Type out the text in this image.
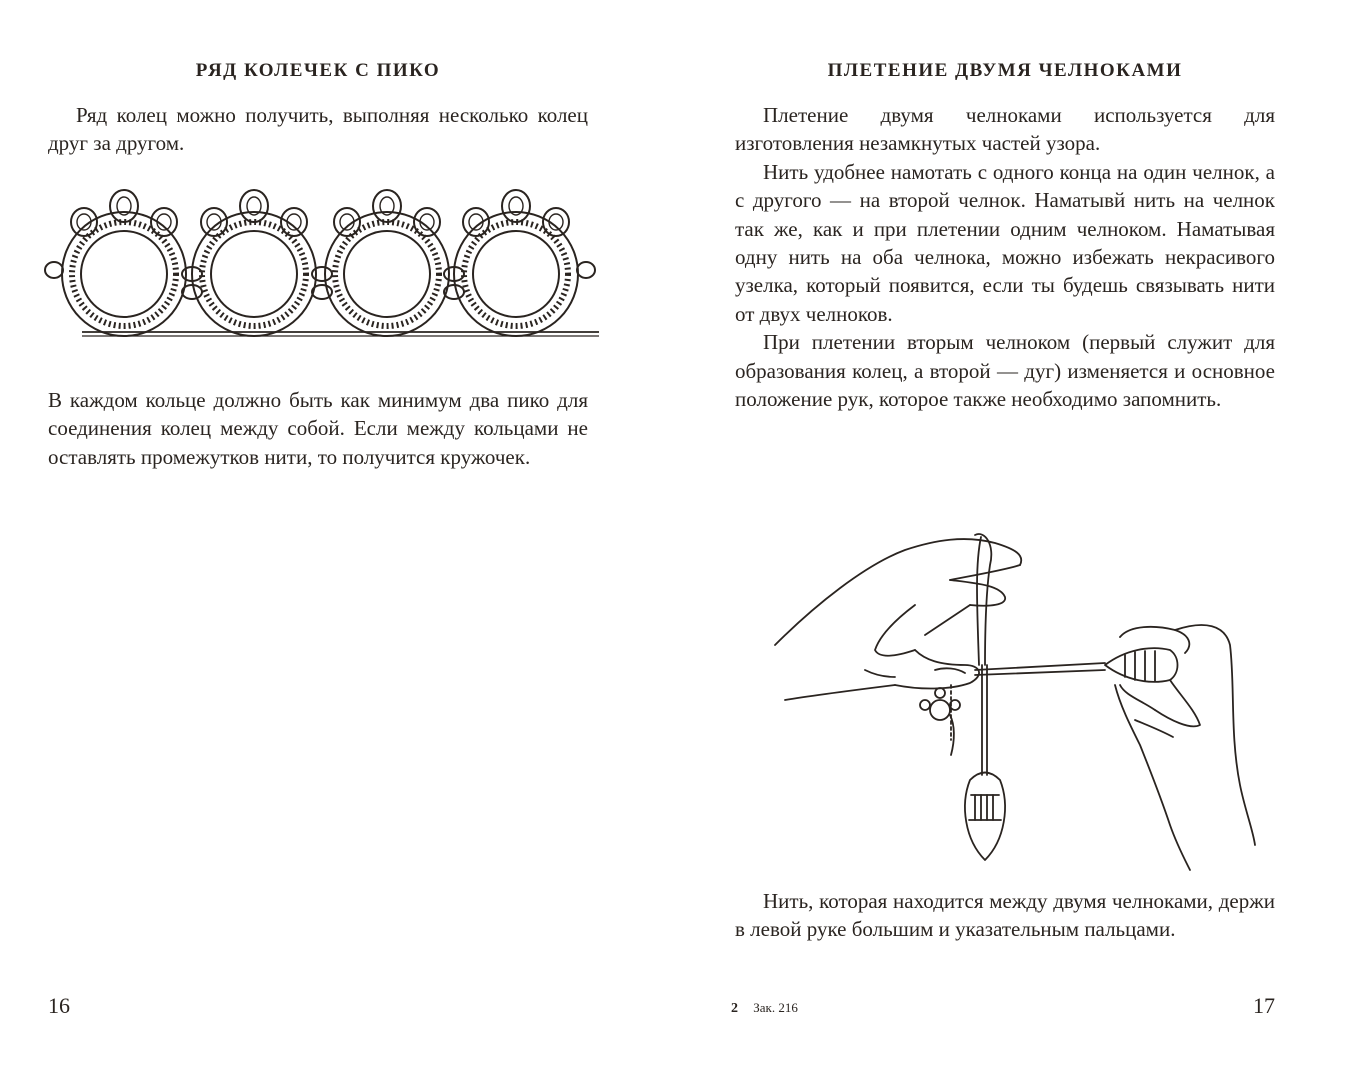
РЯД КОЛЕЧЕК С ПИКО

Ряд колец можно получить, выполняя несколько колец друг за другом.

В каждом кольце должно быть как минимум два пико для соединения колец между собой. Если между кольцами не оставлять промежутков нити, то получится кружочек.

16
ПЛЕТЕНИЕ ДВУМЯ ЧЕЛНОКАМИ

Плетение двумя челноками используется для изготовления незамкнутых частей узора.

Нить удобнее намотать с одного конца на один челнок, а с другого — на второй челнок. Наматывй нить на челнок так же, как и при плетении одним челноком. Наматывая одну нить на оба челнока, можно избежать некрасивого узелка, который появится, если ты будешь связывать нити от двух челноков.

При плетении вторым челноком (первый служит для образования колец, а второй — дуг) изменяется и основное положение рук, которое также необходимо запомнить.

Нить, которая находится между двумя челноками, держи в левой руке большим и указательным пальцами.

2 Зак. 216	17
